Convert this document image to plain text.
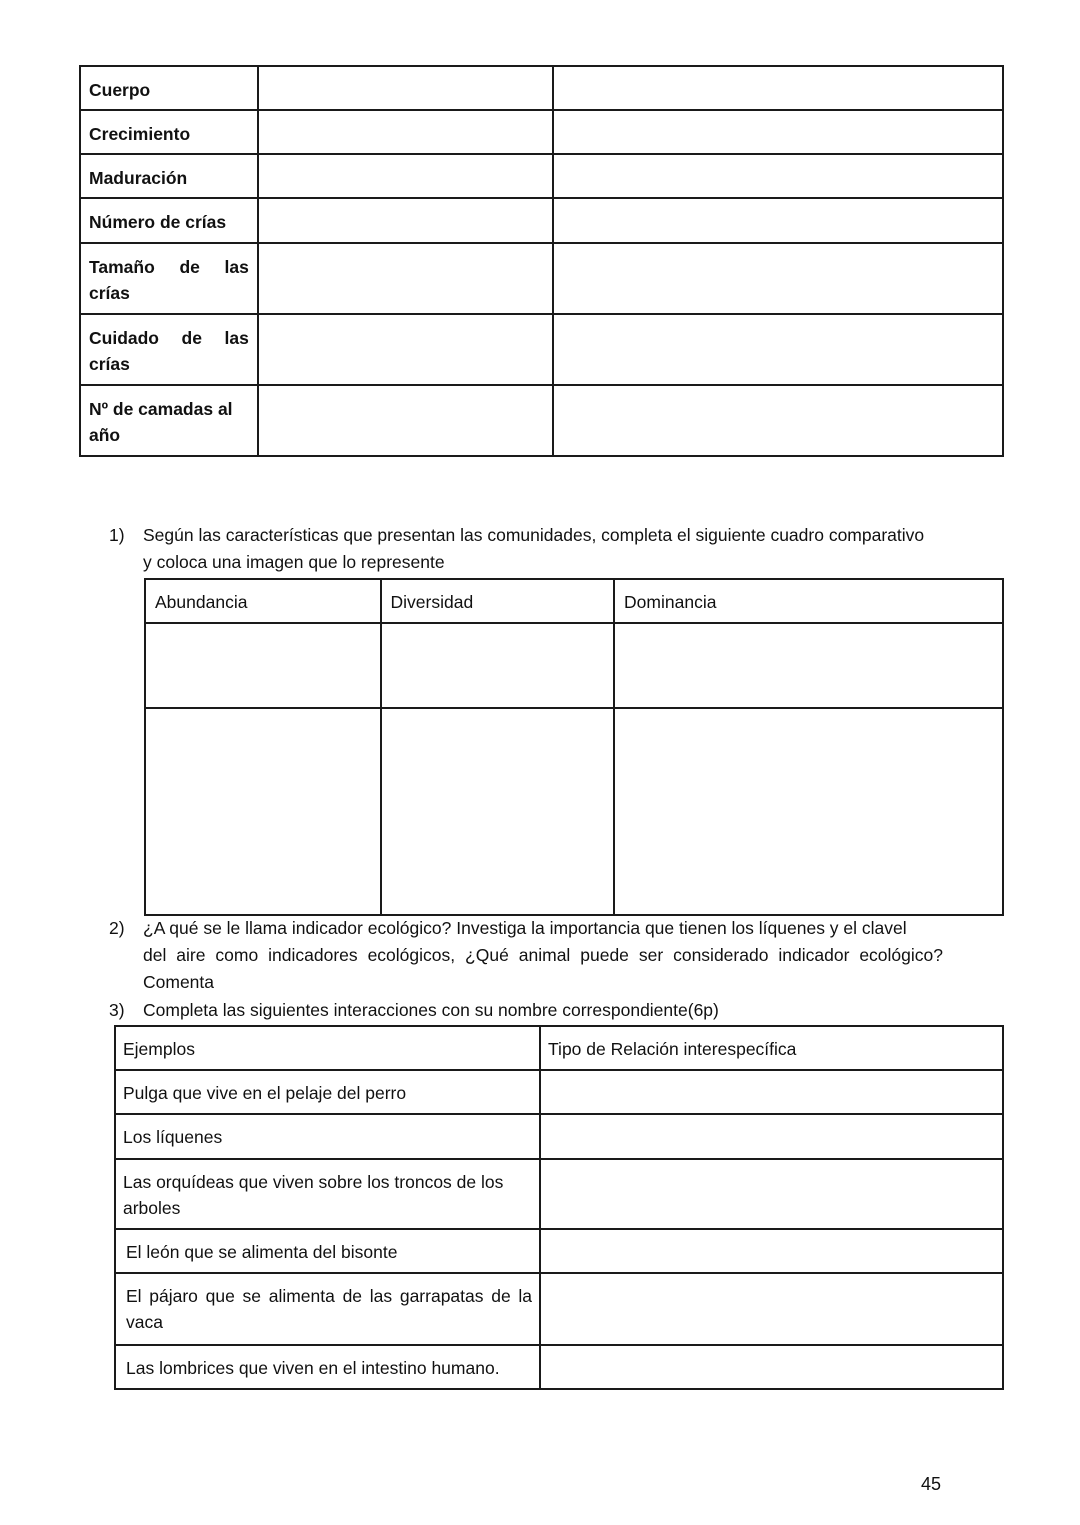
Cuerpo		

Crecimiento		

Maduración		

Número de crías		

Tamaño de las
crías		

Cuidado de las
crías		

Nº de camadas al
año		

1) Según las características que presentan las comunidades, completa el siguiente cuadro comparativo
y coloca una imagen que lo represente
Abundancia	Diversidad	Dominancia

2) ¿A qué se le llama indicador ecológico? Investiga la importancia que tienen los líquenes y el clavel
del aire como indicadores ecológicos, ¿Qué animal puede ser considerado indicador ecológico?
Comenta
3) Completa las siguientes interacciones con su nombre correspondiente(6p)
Ejemplos	Tipo de Relación interespecífica
Pulga que vive en el pelaje del perro	
Los líquenes	

Las orquídeas que viven sobre los troncos de los
arboles	

El león que se alimenta del bisonte	

El pájaro que se alimenta de las garrapatas de la
vaca	

Las lombrices que viven en el intestino humano.	
45
